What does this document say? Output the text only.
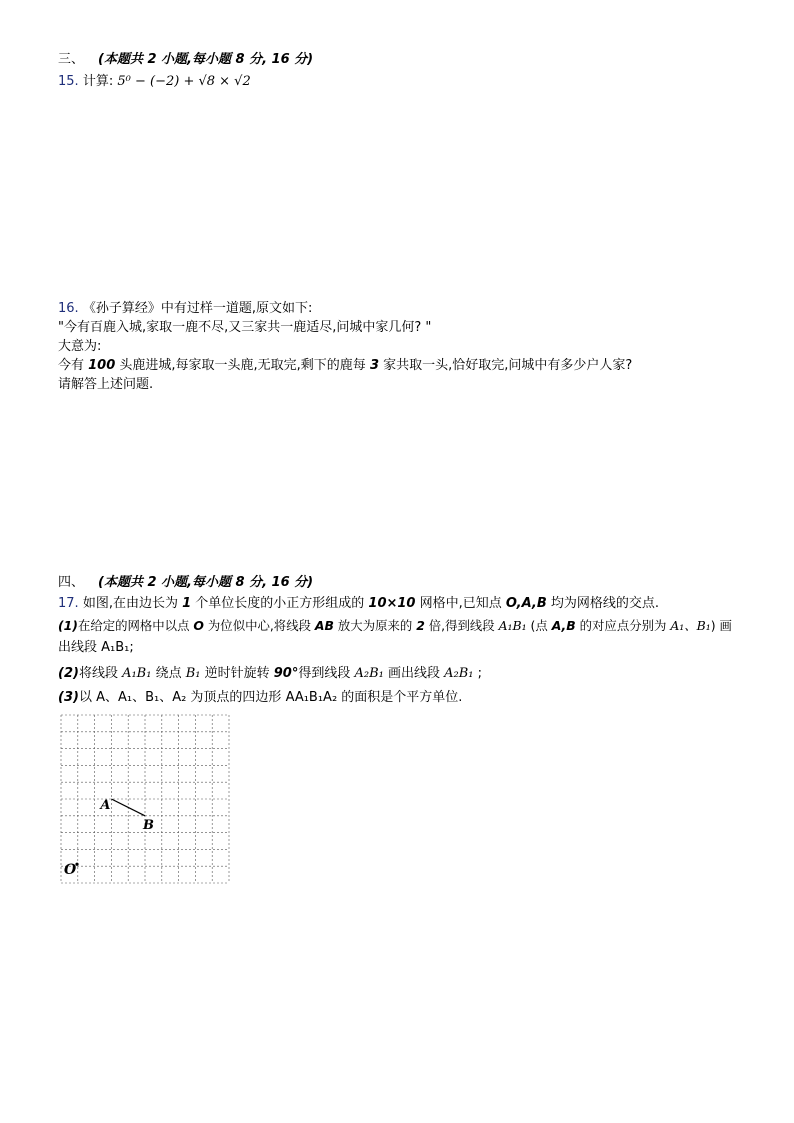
三、 (本题共 2 小题,每小题 8 分, 16 分)
15. 计算: 5⁰ − (−2) + √8 × √2
16. 《孙子算经》中有过样一道题,原文如下:
"今有百鹿入城,家取一鹿不尽,又三家共一鹿适尽,问城中家几何? "
大意为:
今有 100 头鹿进城,每家取一头鹿,无取完,剩下的鹿每 3 家共取一头,恰好取完,问城中有多少户人家?
请解答上述问题.
四、 (本题共 2 小题,每小题 8 分, 16 分)
17. 如图,在由边长为 1 个单位长度的小正方形组成的 10×10 网格中,已知点 O,A,B 均为网格线的交点.
(1)在给定的网格中以点 O 为位似中心,将线段 AB 放大为原来的 2 倍,得到线段 A₁B₁ (点 A,B 的对应点分别为 A₁、B₁) 画
出线段 A₁B₁;
(2)将线段 A₁B₁ 绕点 B₁ 逆时针旋转 90°得到线段 A₂B₁ 画出线段 A₂B₁ ;
(3)以 A、A₁、B₁、A₂ 为顶点的四边形 AA₁B₁A₂ 的面积是个平方单位.
A
B
O
